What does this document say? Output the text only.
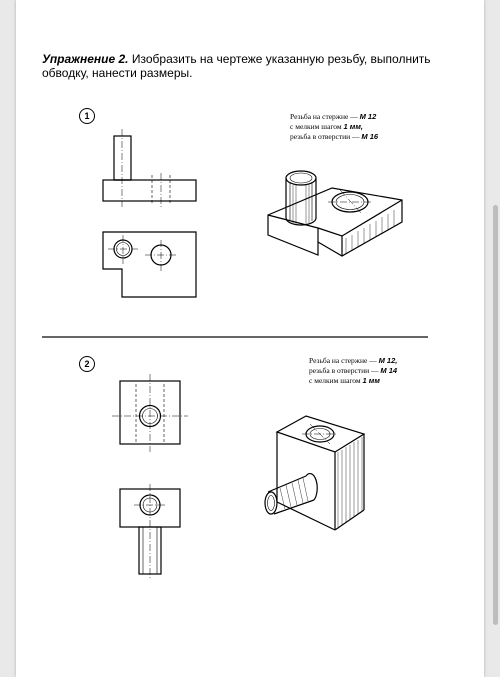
Упражнение 2. Изобразить на чертеже указанную резьбу, выполнить обводку, нанести размеры.
1	Резьба на стержне — M 12
с мелким шагом 1 мм,
резьба в отверстии — M 16
2	Резьба на стержне — M 12,
резьба в отверстии — M 14
с мелким шагом 1 мм
